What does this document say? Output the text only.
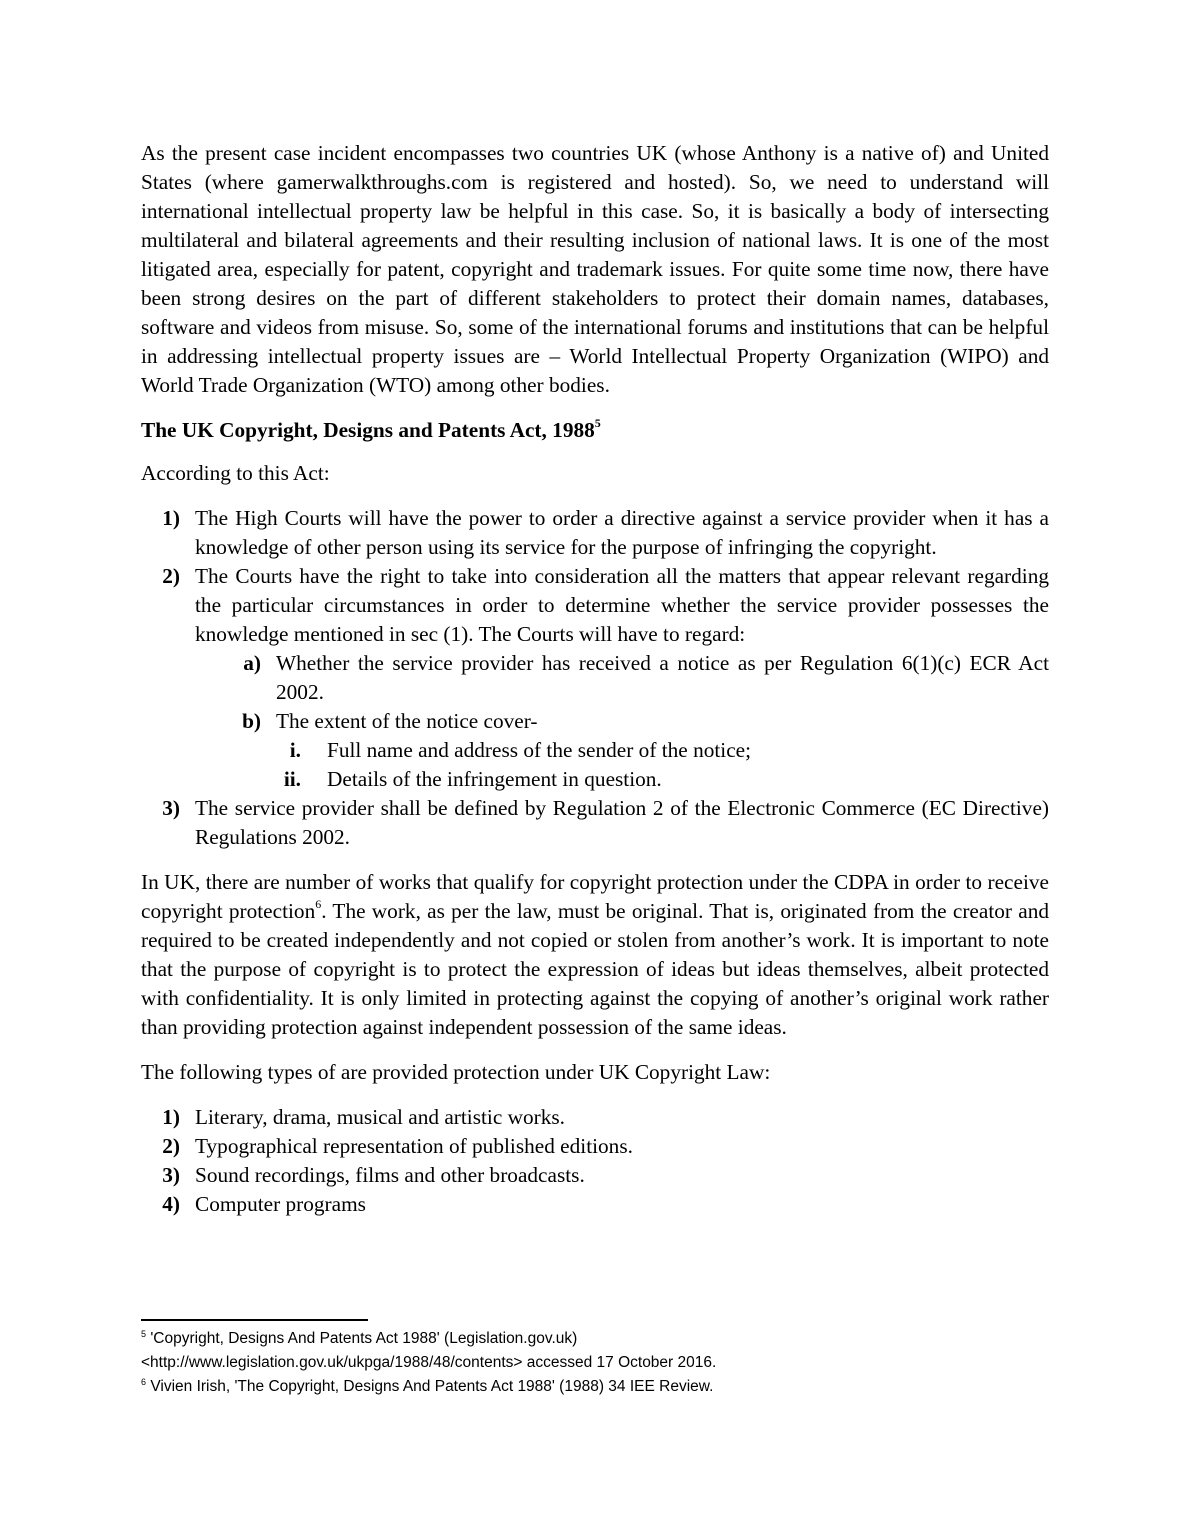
As the present case incident encompasses two countries UK (whose Anthony is a native of) and United States (where gamerwalkthroughs.com is registered and hosted). So, we need to understand will international intellectual property law be helpful in this case. So, it is basically a body of intersecting multilateral and bilateral agreements and their resulting inclusion of national laws. It is one of the most litigated area, especially for patent, copyright and trademark issues. For quite some time now, there have been strong desires on the part of different stakeholders to protect their domain names, databases, software and videos from misuse. So, some of the international forums and institutions that can be helpful in addressing intellectual property issues are – World Intellectual Property Organization (WIPO) and World Trade Organization (WTO) among other bodies.

The UK Copyright, Designs and Patents Act, 1988$^5$

According to this Act:

1) The High Courts will have the power to order a directive against a service provider when it has a knowledge of other person using its service for the purpose of infringing the copyright.
2) The Courts have the right to take into consideration all the matters that appear relevant regarding the particular circumstances in order to determine whether the service provider possesses the knowledge mentioned in sec (1). The Courts will have to regard:
a) Whether the service provider has received a notice as per Regulation 6(1)(c) ECR Act 2002.
b) The extent of the notice cover-
i.	Full name and address of the sender of the notice;
ii.	Details of the infringement in question.
3) The service provider shall be defined by Regulation 2 of the Electronic Commerce (EC Directive) Regulations 2002.

In UK, there are number of works that qualify for copyright protection under the CDPA in order to receive copyright protection$^6$. The work, as per the law, must be original. That is, originated from the creator and required to be created independently and not copied or stolen from another’s work. It is important to note that the purpose of copyright is to protect the expression of ideas but ideas themselves, albeit protected with confidentiality. It is only limited in protecting against the copying of another’s original work rather than providing protection against independent possession of the same ideas.

The following types of are provided protection under UK Copyright Law:

1) Literary, drama, musical and artistic works.
2) Typographical representation of published editions.
3) Sound recordings, films and other broadcasts.
4) Computer programs

$^5$ 'Copyright, Designs And Patents Act 1988' (Legislation.gov.uk)

<http://www.legislation.gov.uk/ukpga/1988/48/contents> accessed 17 October 2016.

$^6$ Vivien Irish, 'The Copyright, Designs And Patents Act 1988' (1988) 34 IEE Review.
